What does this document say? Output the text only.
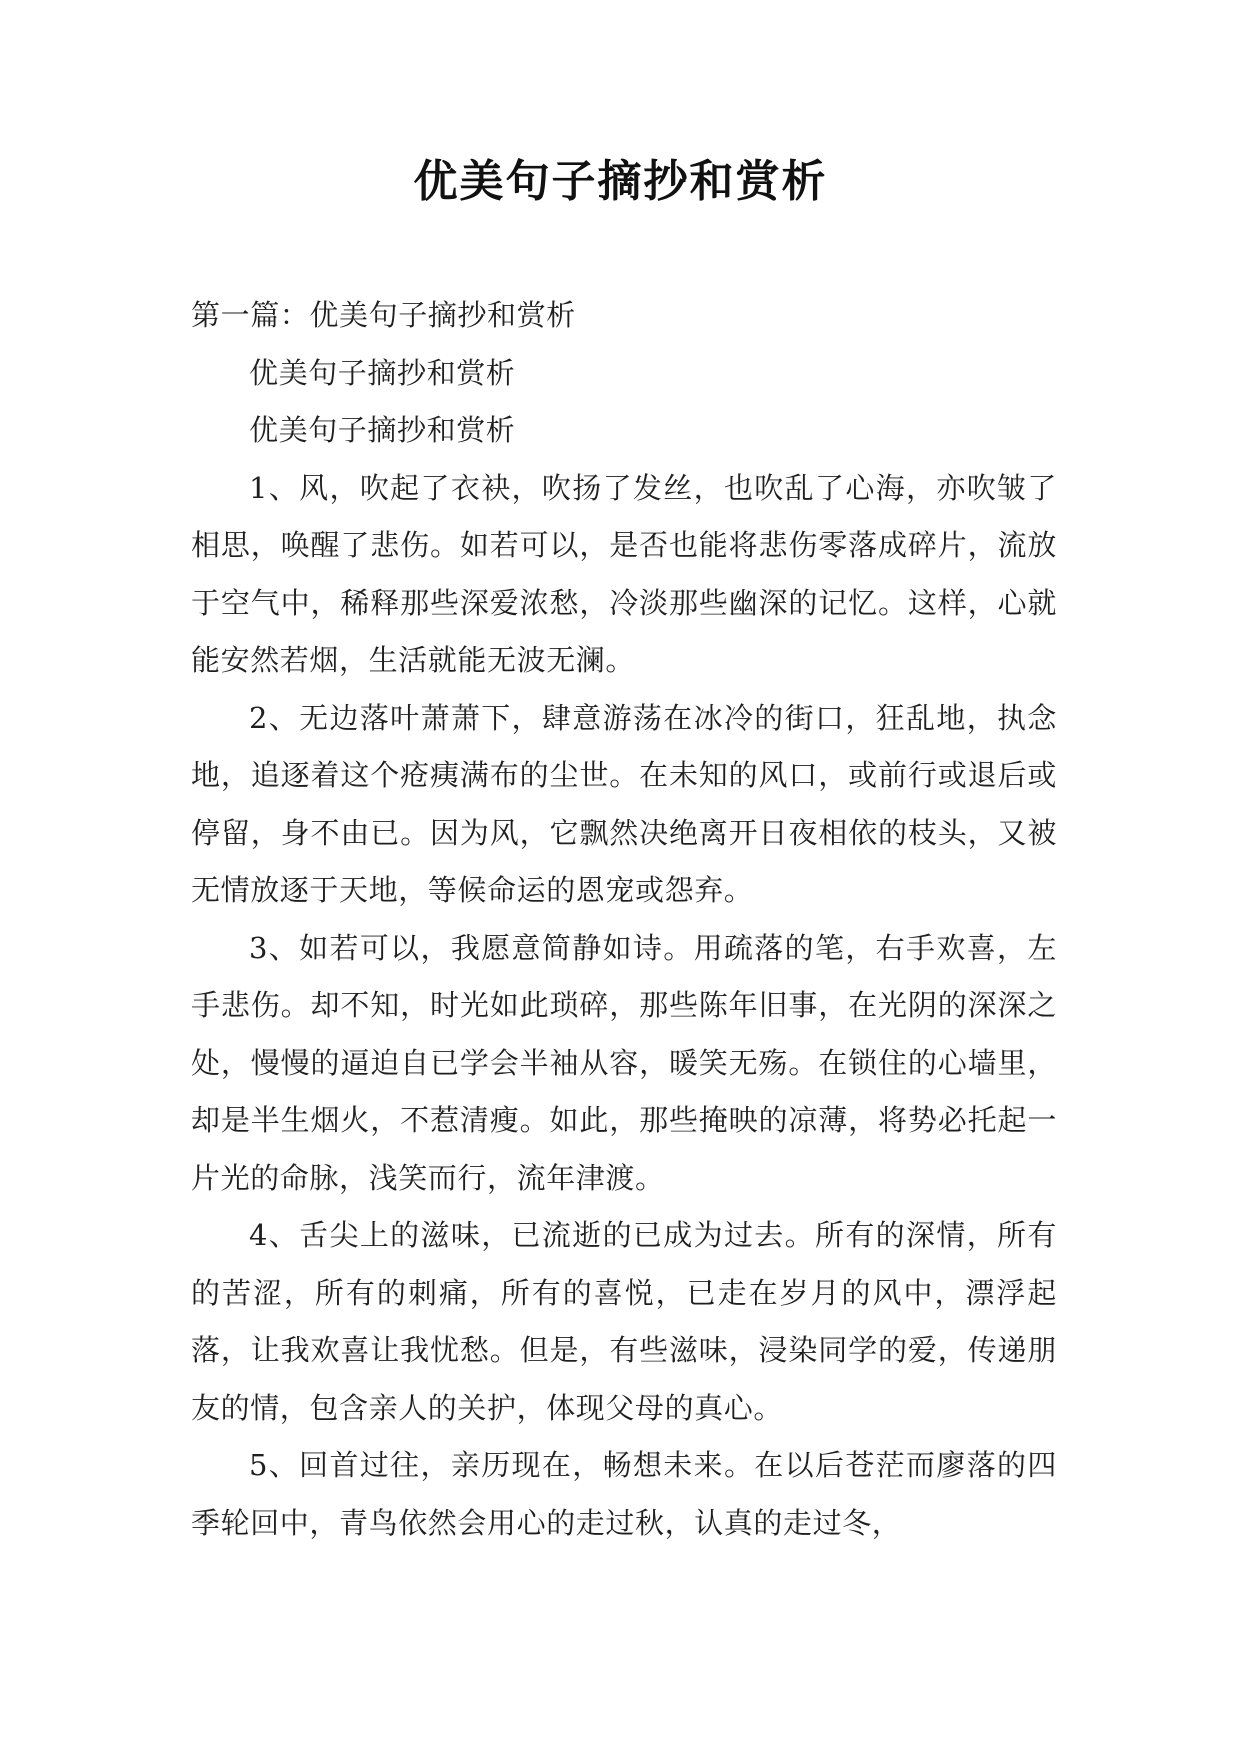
优美句子摘抄和赏析

第一篇：优美句子摘抄和赏析

优美句子摘抄和赏析

优美句子摘抄和赏析

1、风，吹起了衣袂，吹扬了发丝，也吹乱了心海，亦吹皱了相思，唤醒了悲伤。如若可以，是否也能将悲伤零落成碎片，流放于空气中，稀释那些深爱浓愁，冷淡那些幽深的记忆。这样，心就能安然若烟，生活就能无波无澜。

2、无边落叶萧萧下，肆意游荡在冰冷的街口，狂乱地，执念地，追逐着这个疮痍满布的尘世。在未知的风口，或前行或退后或停留，身不由已。因为风，它飘然决绝离开日夜相依的枝头，又被无情放逐于天地，等候命运的恩宠或怨弃。

3、如若可以，我愿意简静如诗。用疏落的笔，右手欢喜，左手悲伤。却不知，时光如此琐碎，那些陈年旧事，在光阴的深深之处，慢慢的逼迫自已学会半袖从容，暖笑无殇。在锁住的心墙里，却是半生烟火，不惹清瘦。如此，那些掩映的凉薄，将势必托起一片光的命脉，浅笑而行，流年津渡。

4、舌尖上的滋味，已流逝的已成为过去。所有的深情，所有的苦涩，所有的刺痛，所有的喜悦，已走在岁月的风中，漂浮起落，让我欢喜让我忧愁。但是，有些滋味，浸染同学的爱，传递朋友的情，包含亲人的关护，体现父母的真心。

5、回首过往，亲历现在，畅想未来。在以后苍茫而廖落的四季轮回中，青鸟依然会用心的走过秋，认真的走过冬，
